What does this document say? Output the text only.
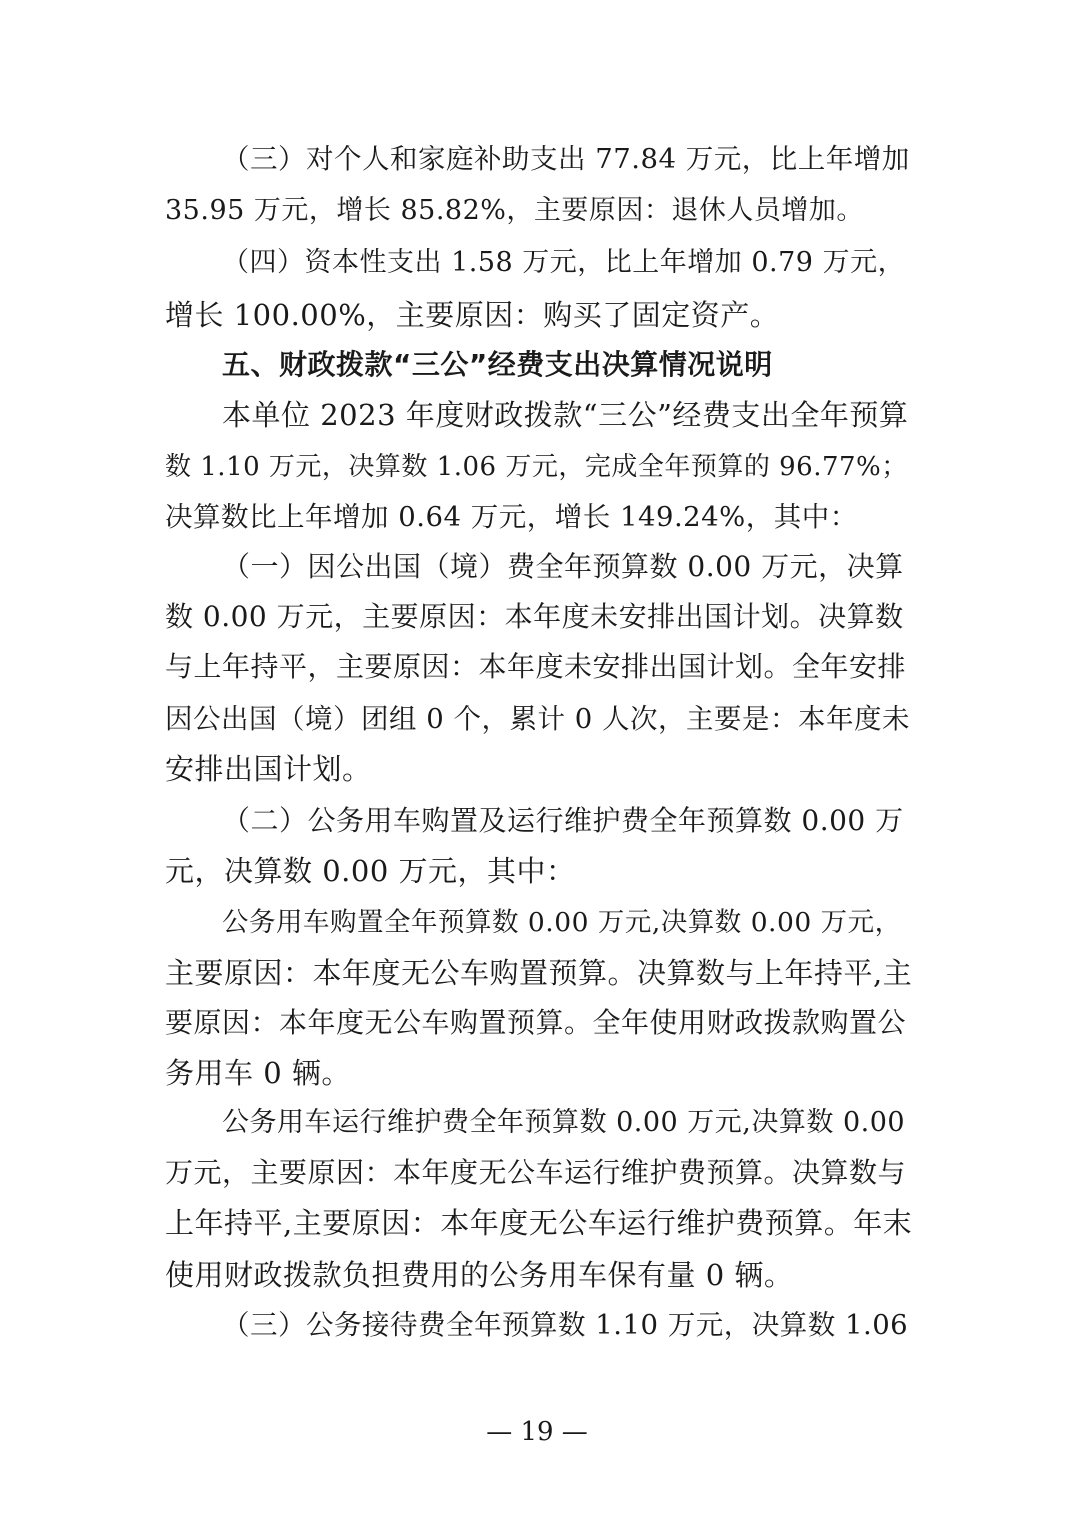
（三）对个人和家庭补助支出 77.84 万元，比上年增加
35.95 万元，增长 85.82%，主要原因：退休人员增加。
（四）资本性支出 1.58 万元，比上年增加 0.79 万元，
增长 100.00%，主要原因：购买了固定资产。
五、财政拨款“三公”经费支出决算情况说明
本单位 2023 年度财政拨款“三公”经费支出全年预算
数 1.10 万元，决算数 1.06 万元，完成全年预算的 96.77%；
决算数比上年增加 0.64 万元，增长 149.24%，其中：
（一）因公出国（境）费全年预算数 0.00 万元，决算
数 0.00 万元，主要原因：本年度未安排出国计划。决算数
与上年持平，主要原因：本年度未安排出国计划。全年安排
因公出国（境）团组 0 个，累计 0 人次，主要是：本年度未
安排出国计划。
（二）公务用车购置及运行维护费全年预算数 0.00 万
元，决算数 0.00 万元，其中：
公务用车购置全年预算数 0.00 万元,决算数 0.00 万元，
主要原因：本年度无公车购置预算。决算数与上年持平,主
要原因：本年度无公车购置预算。全年使用财政拨款购置公
务用车 0 辆。
公务用车运行维护费全年预算数 0.00 万元,决算数 0.00
万元，主要原因：本年度无公车运行维护费预算。决算数与
上年持平,主要原因：本年度无公车运行维护费预算。年末
使用财政拨款负担费用的公务用车保有量 0 辆。
（三）公务接待费全年预算数 1.10 万元，决算数 1.06
— 19 —
